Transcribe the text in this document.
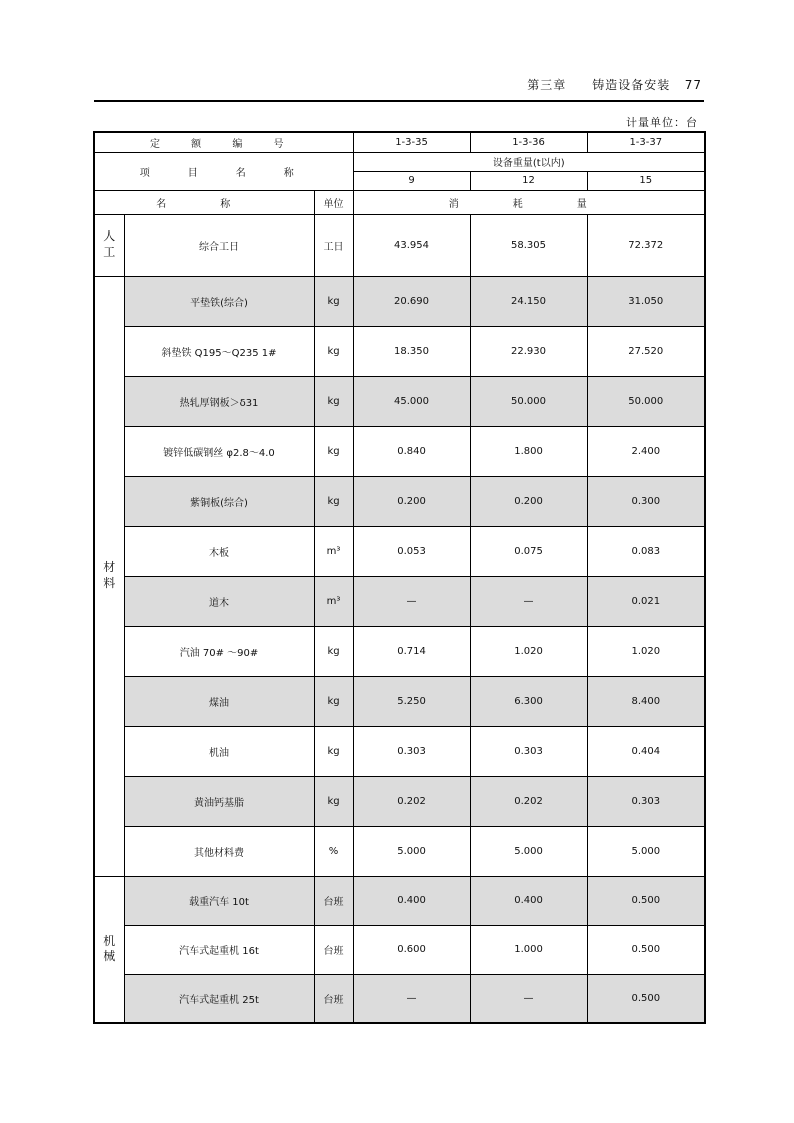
第三章　　铸造设备安装 77
计量单位：台
定 额 编 号			1-3-35	1-3-36	1-3-37
项　目　名　称			设备重量(t以内)		
			9	12	15
名　称		单位	消　耗　量		

人
工	综合工日	工日	43.954	58.305	72.372

材
料	平垫铁(综合)	kg	20.690	24.150	31.050
	斜垫铁 Q195～Q235 1#	kg	18.350	22.930	27.520
	热轧厚钢板＞δ31	kg	45.000	50.000	50.000
	镀锌低碳钢丝 φ2.8～4.0	kg	0.840	1.800	2.400
	紫铜板(综合)	kg	0.200	0.200	0.300
	木板	m³	0.053	0.075	0.083
	道木	m³	—	—	0.021
	汽油 70# ～90#	kg	0.714	1.020	1.020
	煤油	kg	5.250	6.300	8.400
	机油	kg	0.303	0.303	0.404
	黄油钙基脂	kg	0.202	0.202	0.303
	其他材料费	%	5.000	5.000	5.000

机
械	载重汽车 10t	台班	0.400	0.400	0.500
	汽车式起重机 16t	台班	0.600	1.000	0.500
	汽车式起重机 25t	台班	—	—	0.500
